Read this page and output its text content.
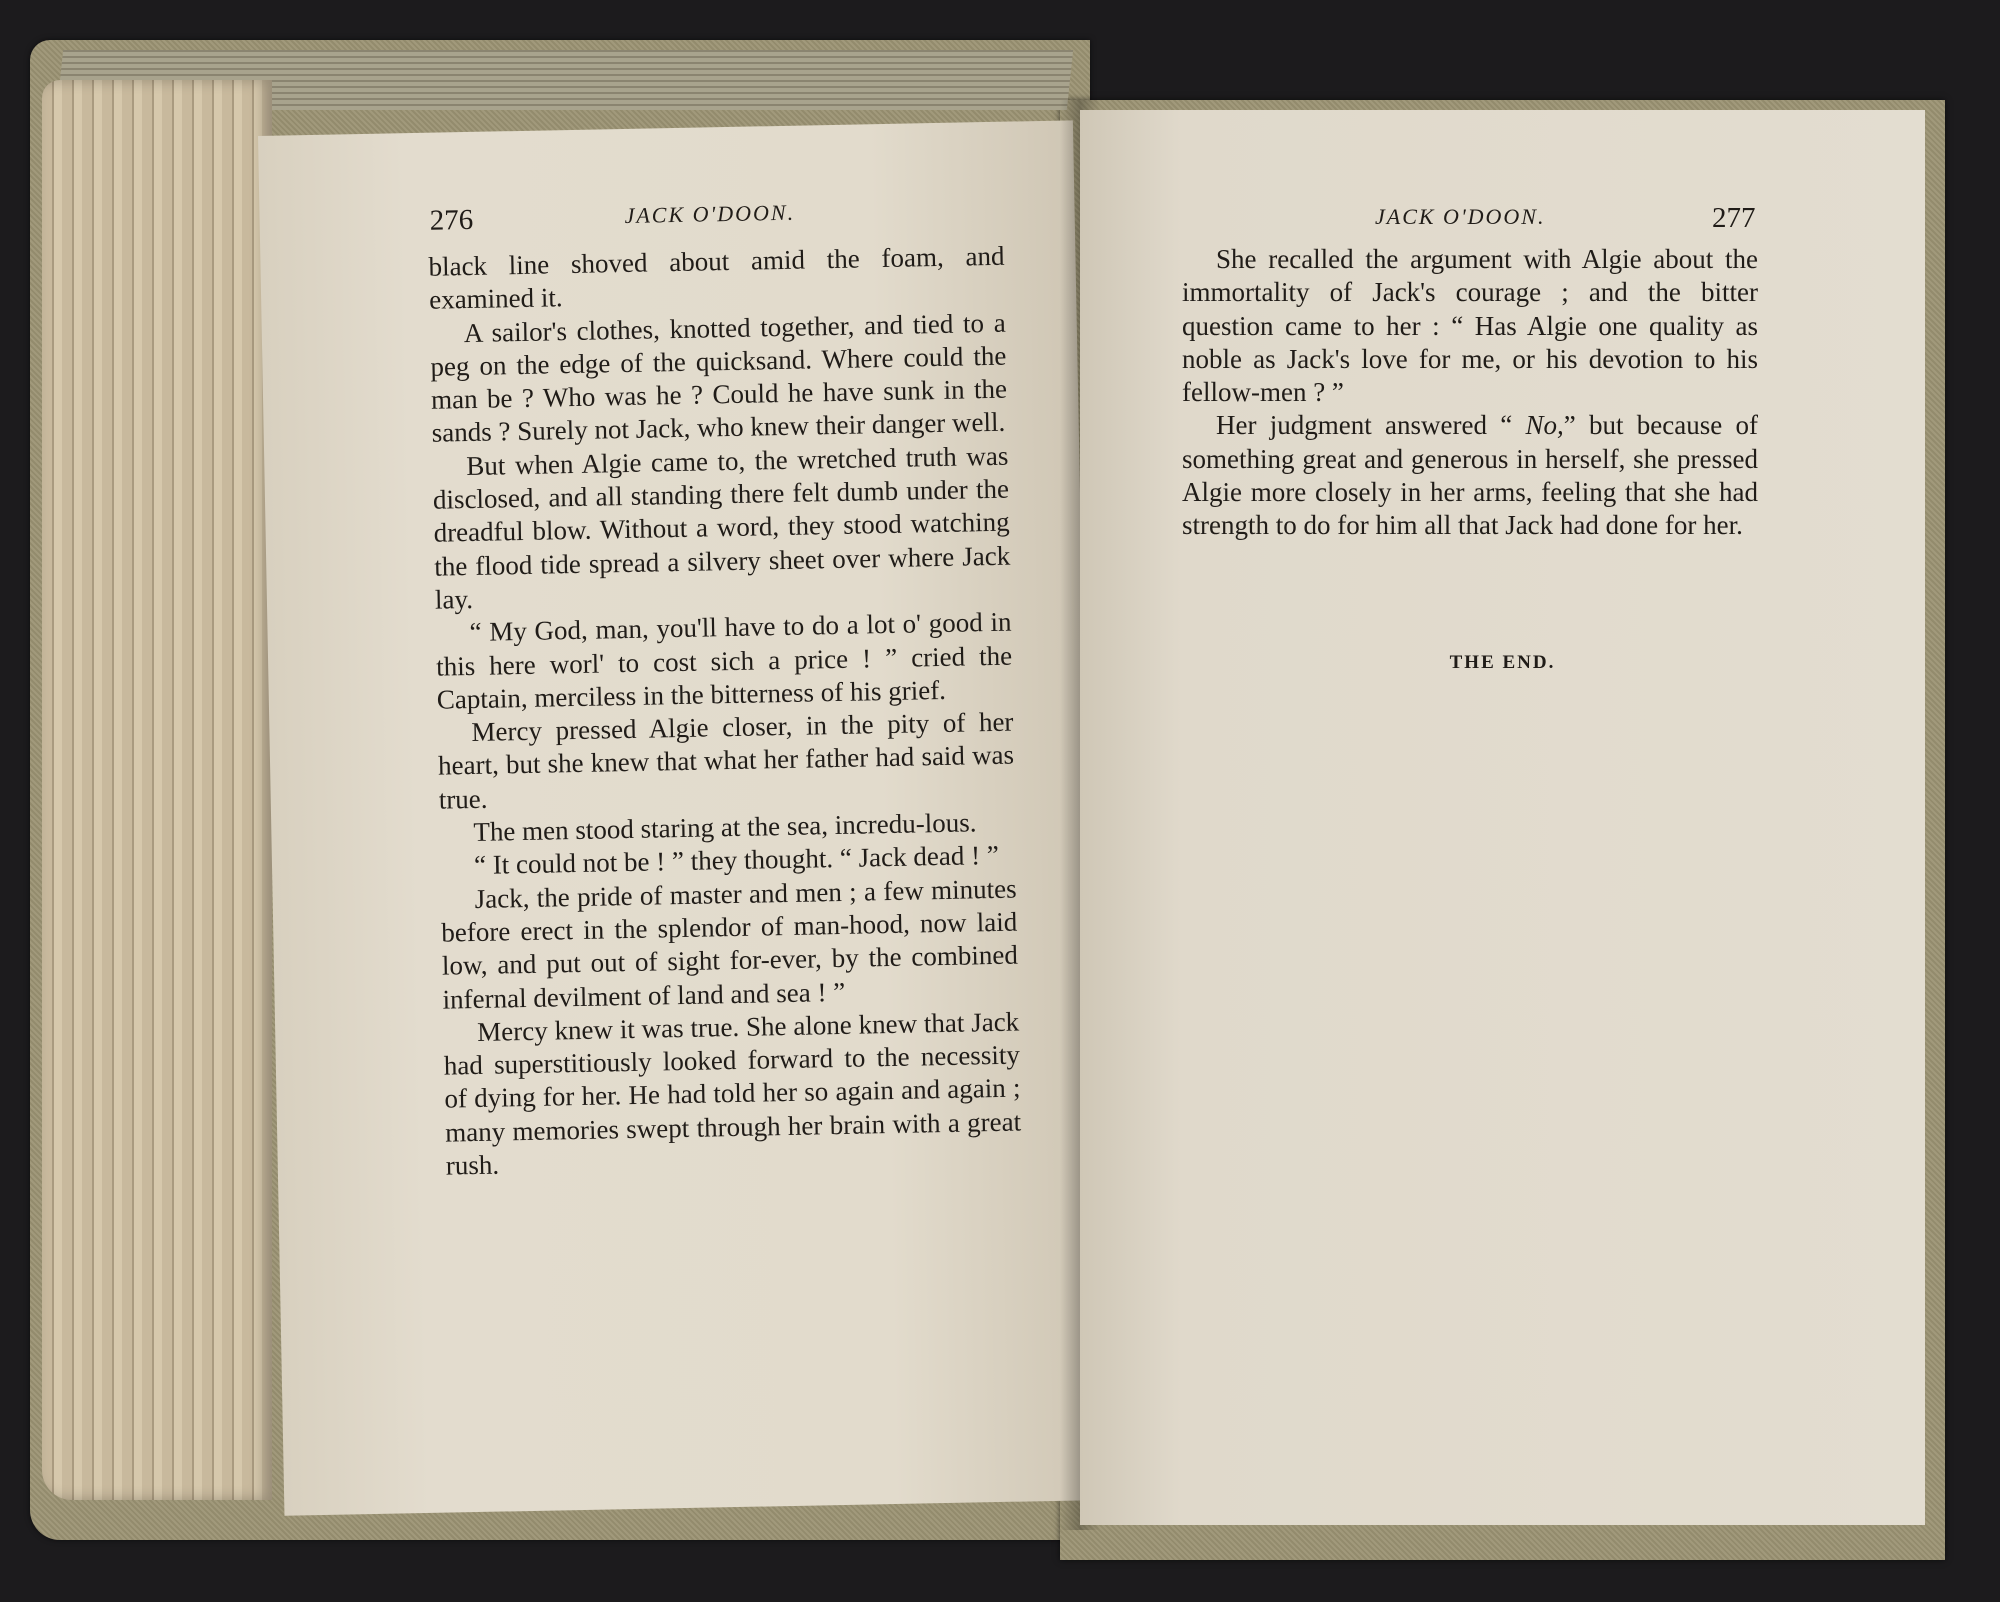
276	JACK O'DOON.

black line shoved about amid the foam, and examined it.

A sailor's clothes, knotted together, and tied to a peg on the edge of the quicksand. Where could the man be ? Who was he ? Could he have sunk in the sands ? Surely not Jack, who knew their danger well.

But when Algie came to, the wretched truth was disclosed, and all standing there felt dumb under the dreadful blow. Without a word, they stood watching the flood tide spread a silvery sheet over where Jack lay.

“ My God, man, you'll have to do a lot o' good in this here worl' to cost sich a price ! ” cried the Captain, merciless in the bitterness of his grief.

Mercy pressed Algie closer, in the pity of her heart, but she knew that what her father had said was true.

The men stood staring at the sea, incredu-lous.

“ It could not be ! ” they thought. “ Jack dead ! ”

Jack, the pride of master and men ; a few minutes before erect in the splendor of man-hood, now laid low, and put out of sight for-ever, by the combined infernal devilment of land and sea ! ”

Mercy knew it was true. She alone knew that Jack had superstitiously looked forward to the necessity of dying for her. He had told her so again and again ; many memories swept through her brain with a great rush.

JACK O'DOON.	277

She recalled the argument with Algie about the immortality of Jack's courage ; and the bitter question came to her : “ Has Algie one quality as noble as Jack's love for me, or his devotion to his fellow-men ? ”

Her judgment answered “ No,” but because of something great and generous in herself, she pressed Algie more closely in her arms, feeling that she had strength to do for him all that Jack had done for her.

THE END.
